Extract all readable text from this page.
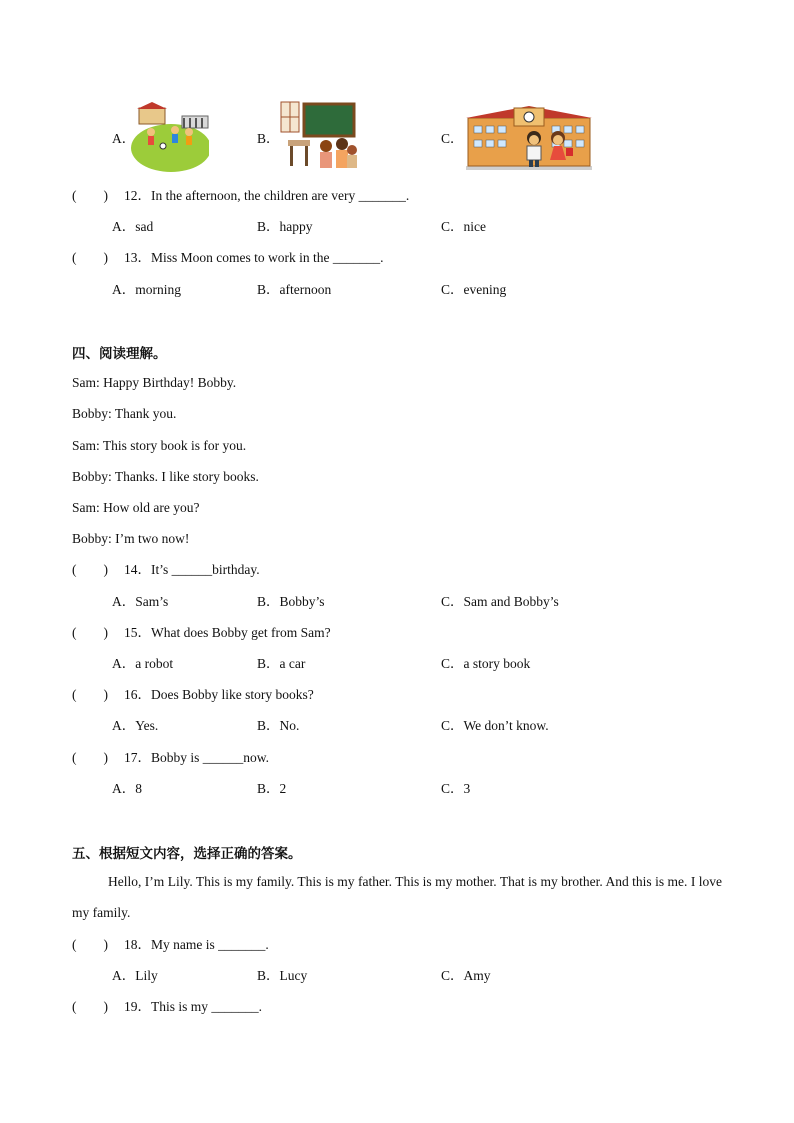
A．	B．	C．
(　　) 12．In the afternoon, the children are very _______.
A．sad	B．happy	C．nice
(　　) 13．Miss Moon comes to work in the _______.
A．morning	B．afternoon	C．evening
四、阅读理解。
Sam: Happy Birthday! Bobby.
Bobby: Thank you.
Sam: This story book is for you.
Bobby: Thanks. I like story books.
Sam: How old are you?
Bobby: I’m two now!
(　　) 14．It’s ______birthday.
A．Sam’s	B．Bobby’s	C．Sam and Bobby’s
(　　) 15．What does Bobby get from Sam?
A．a robot	B．a car	C．a story book
(　　) 16．Does Bobby like story books?
A．Yes.	B．No.	C．We don’t know.
(　　) 17．Bobby is ______now.
A．8	B．2	C．3
五、根据短文内容，选择正确的答案。
Hello, I’m Lily. This is my family. This is my father. This is my mother. That is my brother. And this is me. I love my family.
(　　) 18．My name is _______.
A．Lily	B．Lucy	C．Amy
(　　) 19．This is my _______.
